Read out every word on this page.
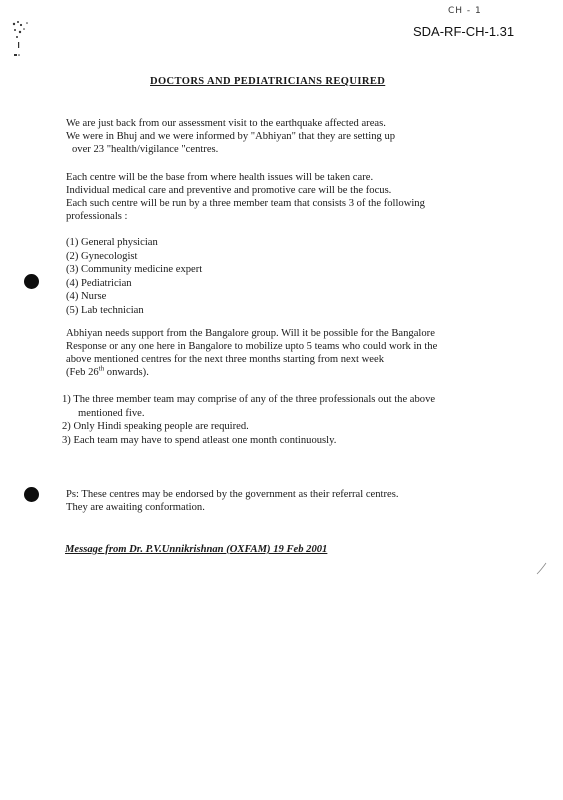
CH - 1
SDA-RF-CH-1.31
DOCTORS AND PEDIATRICIANS REQUIRED
We are just back from our assessment visit to the earthquake affected areas.
We were in Bhuj and we were informed by "Abhiyan" that they are setting up
over 23 "health/vigilance "centres.
Each centre will be the base from where health issues will be taken care.
Individual medical care and preventive and promotive care will be the focus.
Each such centre will be run by a three member team that consists 3 of the following
professionals :
(1) General physician
(2) Gynecologist
(3) Community medicine expert
(4) Pediatrician
(4) Nurse
(5) Lab technician
Abhiyan needs support from the Bangalore group. Will it be possible for the Bangalore
Response or any one here in Bangalore to mobilize upto 5 teams who could work in the
above mentioned centres for the next three months starting from next week
(Feb 26th onwards).
1) The three member team may comprise of any of the three professionals out the above
mentioned five.
2) Only Hindi speaking people are required.
3) Each team may have to spend atleast one month continuously.
Ps: These centres may be endorsed by the government as their referral centres.
They are awaiting conformation.
Message from Dr. P.V.Unnikrishnan (OXFAM) 19 Feb 2001
